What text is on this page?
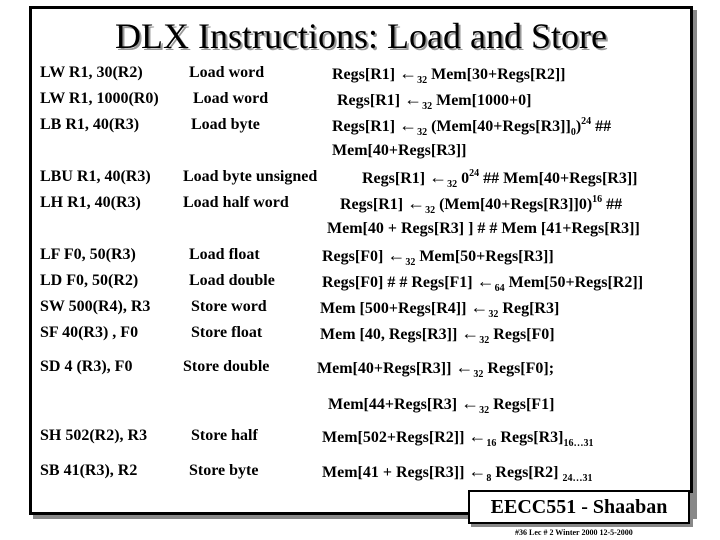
DLX Instructions: Load and Store
LW R1, 30(R2)	Load word	Regs[R1] $\leftarrow_{32}$ Mem[30+Regs[R2]]
LW R1, 1000(R0) Load word	Regs[R1] $\leftarrow_{32}$ Mem[1000+0]
LB R1, 40(R3)	Load byte	Regs[R1] $\leftarrow_{32}$ $(Mem[40+Regs[R3]]_0)^{24}$ ##
Mem[40+Regs[R3]]
LBU R1, 40(R3) Load byte unsigned	Regs[R1] $\leftarrow_{32}$ $0^{24}$ ## Mem[40+Regs[R3]]
LH R1, 40(R3)	Load half word	Regs[R1] $\leftarrow_{32}$ (Mem[40+Regs[R3]]0)$^{16}$ ##
Mem[40 + Regs[R3] ] # # Mem [41+Regs[R3]]
LF F0, 50(R3)	Load float	Regs[F0] $\leftarrow_{32}$ Mem[50+Regs[R3]]
LD F0, 50(R2)	Load double	Regs[F0] # # Regs[F1] $\leftarrow_{64}$ Mem[50+Regs[R2]]
SW 500(R4), R3	Store word	Mem [500+Regs[R4]] $\leftarrow_{32}$ Reg[R3]
SF 40(R3) , F0	Store float	Mem [40, Regs[R3]] $\leftarrow_{32}$ Regs[F0]
SD 4 (R3), F0	Store double	Mem[40+Regs[R3]] $\leftarrow_{32}$ Regs[F0];
Mem[44+Regs[R3] $\leftarrow_{32}$ Regs[F1]
SH 502(R2), R3	Store half	Mem[502+Regs[R2]] $\leftarrow_{16}$ $Regs[R3]_{16\dots 31}$
SB 41(R3), R2	Store byte	Mem[41 + Regs[R3]] $\leftarrow_8$ Regs[R2] $_{24\dots 31}$
EECC551 - Shaaban
#36 Lec # 2 Winter 2000 12-5-2000
